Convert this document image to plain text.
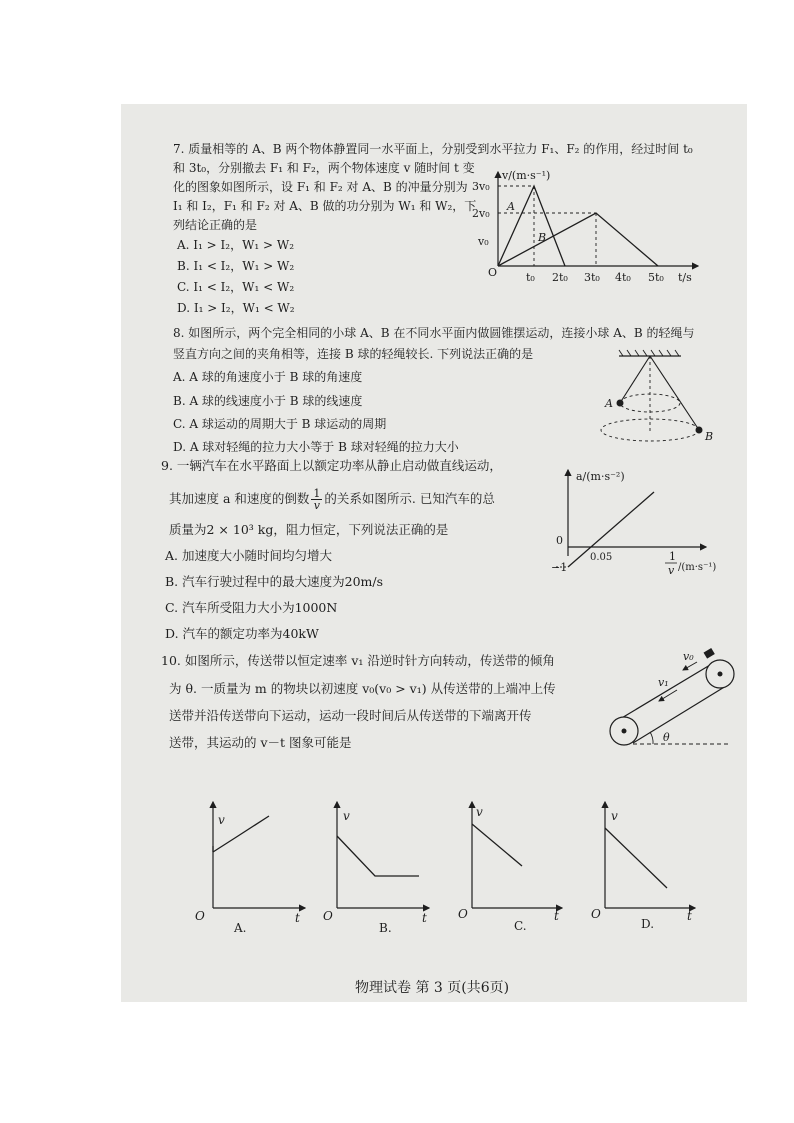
7. 质量相等的 A、B 两个物体静置同一水平面上，分别受到水平拉力 F₁、F₂ 的作用，经过时间 t₀
和 3t₀，分别撤去 F₁ 和 F₂，两个物体速度 v 随时间 t 变
化的图象如图所示，设 F₁ 和 F₂ 对 A、B 的冲量分别为
I₁ 和 I₂，F₁ 和 F₂ 对 A、B 做的功分别为 W₁ 和 W₂，下
列结论正确的是
A. I₁ > I₂，W₁ > W₂
B. I₁ < I₂，W₁ > W₂
C. I₁ < I₂，W₁ < W₂
D. I₁ > I₂，W₁ < W₂
v/(m·s⁻¹)
3v₀
2v₀
v₀
O	t₀ 2t₀ 3t₀ 4t₀ 5t₀ t/s
A
B
8. 如图所示，两个完全相同的小球 A、B 在不同水平面内做圆锥摆运动，连接小球 A、B 的轻绳与
竖直方向之间的夹角相等，连接 B 球的轻绳较长. 下列说法正确的是
A. A 球的角速度小于 B 球的角速度
B. A 球的线速度小于 B 球的线速度
C. A 球运动的周期大于 B 球运动的周期
D. A 球对轻绳的拉力大小等于 B 球对轻绳的拉力大小
A
B
9. 一辆汽车在水平路面上以额定功率从静止启动做直线运动，
其加速度 a 和速度的倒数 $\frac{1}{v}$ 的关系如图所示. 已知汽车的总
质量为2 × 10³ kg，阻力恒定，下列说法正确的是
A. 加速度大小随时间均匀增大
B. 汽车行驶过程中的最大速度为20m/s
C. 汽车所受阻力大小为1000N
D. 汽车的额定功率为40kW
a/(m·s⁻²)
0
0.05
−1
1
v /(m·s⁻¹)
10. 如图所示，传送带以恒定速率 v₁ 沿逆时针方向转动，传送带的倾角
为 θ. 一质量为 m 的物块以初速度 v₀(v₀ > v₁) 从传送带的上端冲上传
送带并沿传送带向下运动，运动一段时间后从传送带的下端离开传
送带，其运动的 v－t 图象可能是
v₀
v₁
θ
v
O	t
A.
v
O	t
B.
v
O	t
C.
v
O	t
D.
物理试卷 第 3 页(共6页)
